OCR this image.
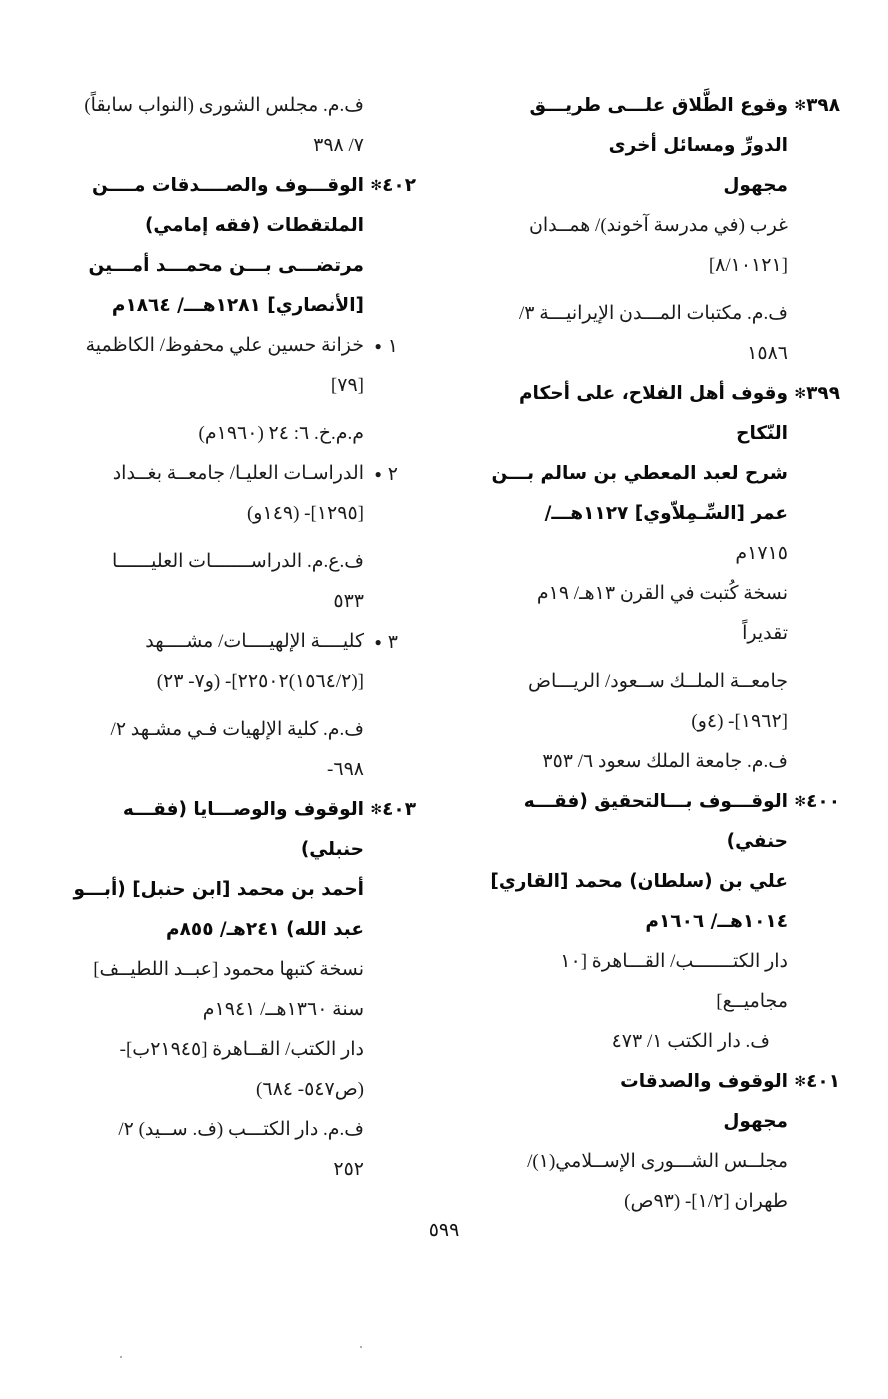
٣٩٨✻
وقوع الطَّلاق علـــى طريـــق
الدورِّ ومسائل أخرى
مجهول
غرب (في مدرسة آخوند)/ همــدان
[٨/١٠١٢١]
ف.م. مكتبات المـــدن الإيرانيـــة ٣/
١٥٨٦
٣٩٩✻
وقوف أهل الفلاح، على أحكام
النّكاح
شرح لعبد المعطي بن سالم بـــن
عمر [السِّـمِلاّوي] ١١٢٧هـــ/
١٧١٥م
نسخة كُتبت في القرن ١٣هـ/ ١٩م
تقديراً
جامعــة الملــك ســعود/ الريـــاض
[١٩٦٢]- (٤و)
ف.م. جامعة الملك سعود ٦/ ٣٥٣
٤٠٠✻
الوقـــوف بـــالتحقيق (فقـــه
حنفي)
علي بن (سلطان) محمد [القاري]
١٠١٤هــ/ ١٦٠٦م
دار الكتـــــــب/ القـــاهرة [١٠
مجاميــع]
ف. دار الكتب ١/ ٤٧٣
٤٠١✻
الوقوف والصدقات
مجهول
مجلــس الشـــورى الإســلامي(١)/
طهران [١/٢]- (٩٣ص)
ف.م. مجلس الشورى (النواب سابقاً)
٧/ ٣٩٨
٤٠٢✻
الوقـــوف والصــــدقات مــــن
الملتقطات (فقه إمامي)
مرتضـــى بـــن محمـــد أمـــين
[الأنصاري] ١٢٨١هـــ/ ١٨٦٤م
١●
خزانة حسين علي محفوظ/ الكاظمية
[٧٩]
م.م.خ. ٦: ٢٤ (١٩٦٠م)
٢●
الدراسـات العليـا/ جامعــة بغــداد
[١٢٩٥]- (١٤٩و)
ف.ع.م. الدراســـــــات العليــــــا
٥٣٣
٣●
كليــــة الإلهيــــات/ مشــــهد
[(١٥٦٤/٢)٢٢٥٠٢]- (و٧- ٢٣)
ف.م. كلية الإلهيات فـي مشـهد ٢/
٦٩٨-
٤٠٣✻
الوقوف والوصـــايا (فقـــه
حنبلي)
أحمد بن محمد [ابن حنبل] (أبـــو
عبد الله) ٢٤١هـ/ ٨٥٥م
نسخة كتبها محمود [عبــد اللطيــف]
سنة ١٣٦٠هــ/ ١٩٤١م
دار الكتب/ القــاهرة [٢١٩٤٥ب]-
(ص٥٤٧- ٦٨٤)
ف.م. دار الكتـــب (ف. ســيد) ٢/
٢٥٢
٥٩٩
